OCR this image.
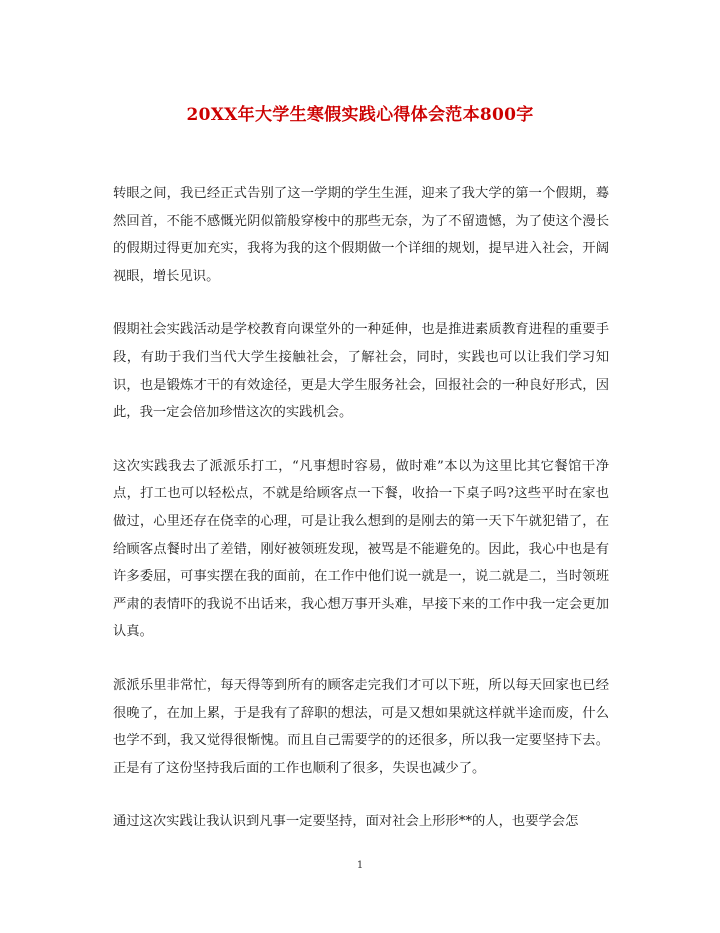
20XX年大学生寒假实践心得体会范本800字

转眼之间，我已经正式告别了这一学期的学生生涯，迎来了我大学的第一个假期，蓦然回首，不能不感慨光阴似箭般穿梭中的那些无奈，为了不留遗憾，为了使这个漫长的假期过得更加充实，我将为我的这个假期做一个详细的规划，提早进入社会，开阔视眼，增长见识。

假期社会实践活动是学校教育向课堂外的一种延伸，也是推进素质教育进程的重要手段，有助于我们当代大学生接触社会，了解社会，同时，实践也可以让我们学习知识，也是锻炼才干的有效途径，更是大学生服务社会，回报社会的一种良好形式，因此，我一定会倍加珍惜这次的实践机会。

这次实践我去了派派乐打工，“凡事想时容易，做时难”本以为这里比其它餐馆干净点，打工也可以轻松点，不就是给顾客点一下餐，收拾一下桌子吗?这些平时在家也做过，心里还存在侥幸的心理，可是让我么想到的是刚去的第一天下午就犯错了，在给顾客点餐时出了差错，刚好被领班发现，被骂是不能避免的。因此，我心中也是有许多委屈，可事实摆在我的面前，在工作中他们说一就是一，说二就是二，当时领班严肃的表情吓的我说不出话来，我心想万事开头难，早接下来的工作中我一定会更加认真。

派派乐里非常忙，每天得等到所有的顾客走完我们才可以下班，所以每天回家也已经很晚了，在加上累，于是我有了辞职的想法，可是又想如果就这样就半途而废，什么也学不到，我又觉得很惭愧。而且自己需要学的的还很多，所以我一定要坚持下去。正是有了这份坚持我后面的工作也顺利了很多，失误也减少了。

通过这次实践让我认识到凡事一定要坚持，面对社会上形形**的人，也要学会怎

1
